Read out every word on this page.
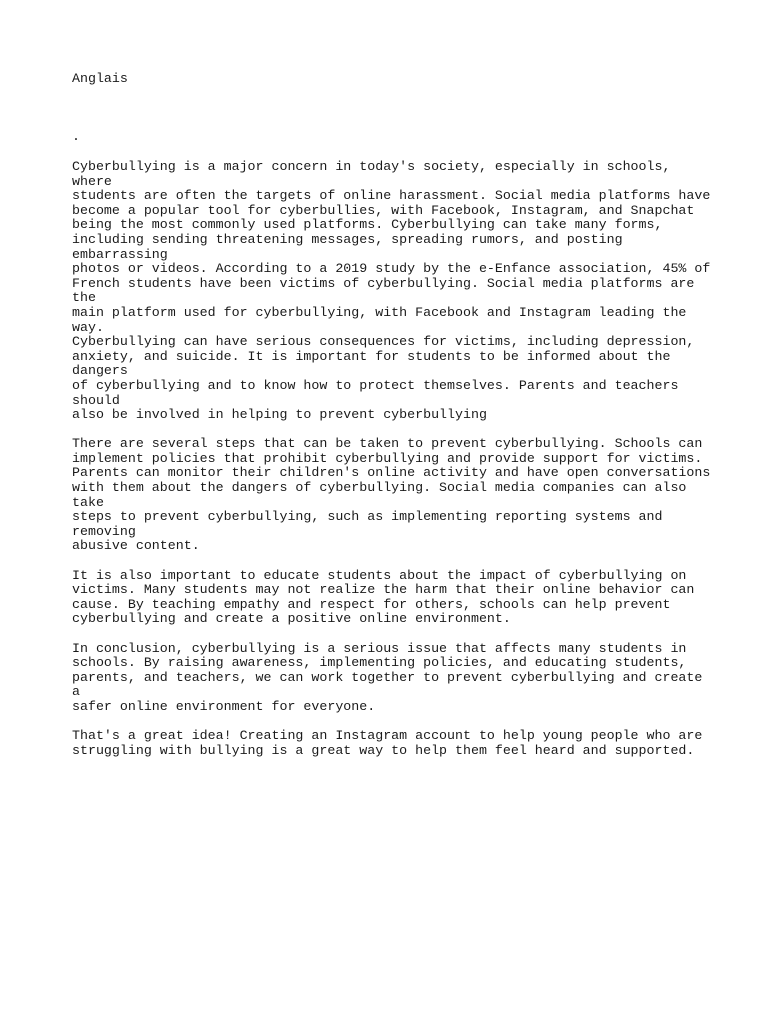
Anglais

.

Cyberbullying is a major concern in today's society, especially in schools, where
students are often the targets of online harassment. Social media platforms have
become a popular tool for cyberbullies, with Facebook, Instagram, and Snapchat
being the most commonly used platforms. Cyberbullying can take many forms,
including sending threatening messages, spreading rumors, and posting embarrassing
photos or videos. According to a 2019 study by the e-Enfance association, 45% of
French students have been victims of cyberbullying. Social media platforms are the
main platform used for cyberbullying, with Facebook and Instagram leading the way.
Cyberbullying can have serious consequences for victims, including depression,
anxiety, and suicide. It is important for students to be informed about the dangers
of cyberbullying and to know how to protect themselves. Parents and teachers should
also be involved in helping to prevent cyberbullying

There are several steps that can be taken to prevent cyberbullying. Schools can
implement policies that prohibit cyberbullying and provide support for victims.
Parents can monitor their children's online activity and have open conversations
with them about the dangers of cyberbullying. Social media companies can also take
steps to prevent cyberbullying, such as implementing reporting systems and removing
abusive content.

It is also important to educate students about the impact of cyberbullying on
victims. Many students may not realize the harm that their online behavior can
cause. By teaching empathy and respect for others, schools can help prevent
cyberbullying and create a positive online environment.

In conclusion, cyberbullying is a serious issue that affects many students in
schools. By raising awareness, implementing policies, and educating students,
parents, and teachers, we can work together to prevent cyberbullying and create a
safer online environment for everyone.

That's a great idea! Creating an Instagram account to help young people who are
struggling with bullying is a great way to help them feel heard and supported.
